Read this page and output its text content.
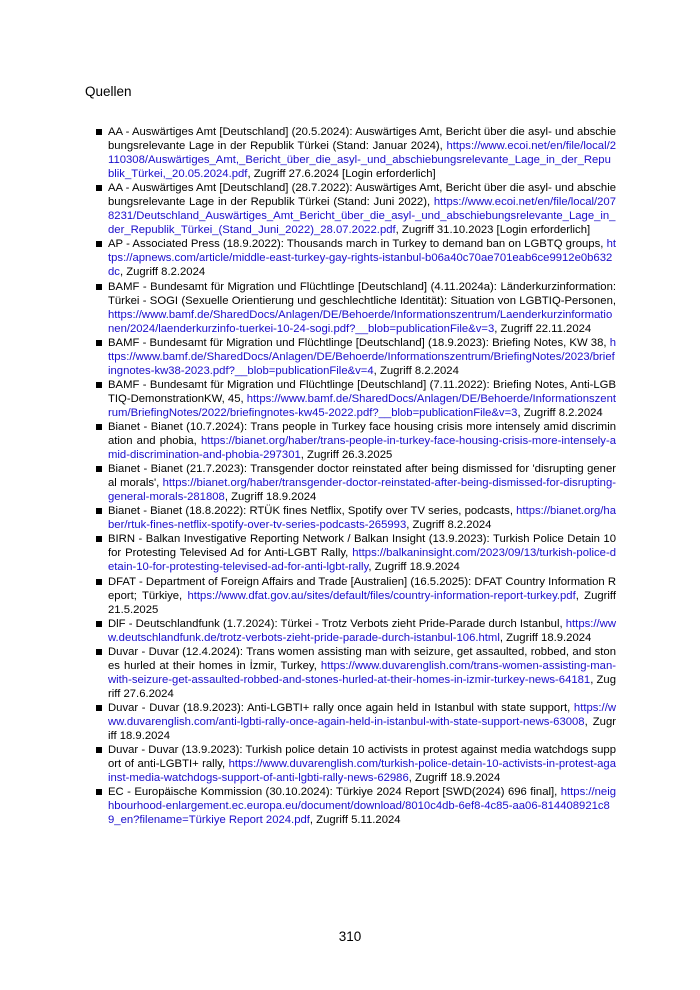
Quellen
AA - Auswärtiges Amt [Deutschland] (20.5.2024): Auswärtiges Amt, Bericht über die asyl- und abschiebungsrelevante Lage in der Republik Türkei (Stand: Januar 2024), https://www.ecoi.net/en/file/local/2110308/Auswärtiges_Amt,_Bericht_über_die_asyl-_und_abschiebungsrelevante_Lage_in_der_Republik_Türkei,_20.05.2024.pdf, Zugriff 27.6.2024 [Login erforderlich]
AA - Auswärtiges Amt [Deutschland] (28.7.2022): Auswärtiges Amt, Bericht über die asyl- und abschiebungsrelevante Lage in der Republik Türkei (Stand: Juni 2022), https://www.ecoi.net/en/file/local/2078231/Deutschland_Auswärtiges_Amt_Bericht_über_die_asyl-_und_abschiebungsrelevante_Lage_in_der_Republik_Türkei_(Stand_Juni_2022)_28.07.2022.pdf, Zugriff 31.10.2023 [Login erforderlich]
AP - Associated Press (18.9.2022): Thousands march in Turkey to demand ban on LGBTQ groups, https://apnews.com/article/middle-east-turkey-gay-rights-istanbul-b06a40c70ae701eab6ce9912e0b632dc, Zugriff 8.2.2024
BAMF - Bundesamt für Migration und Flüchtlinge [Deutschland] (4.11.2024a): Länderkurzinformation: Türkei - SOGI (Sexuelle Orientierung und geschlechtliche Identität): Situation von LGBTIQ-Personen, https://www.bamf.de/SharedDocs/Anlagen/DE/Behoerde/Informationszentrum/Laenderkurzinformationen/2024/laenderkurzinfo-tuerkei-10-24-sogi.pdf?__blob=publicationFile&v=3, Zugriff 22.11.2024
BAMF - Bundesamt für Migration und Flüchtlinge [Deutschland] (18.9.2023): Briefing Notes, KW 38, https://www.bamf.de/SharedDocs/Anlagen/DE/Behoerde/Informationszentrum/BriefingNotes/2023/briefingnotes-kw38-2023.pdf?__blob=publicationFile&v=4, Zugriff 8.2.2024
BAMF - Bundesamt für Migration und Flüchtlinge [Deutschland] (7.11.2022): Briefing Notes, Anti-LGBTIQ-DemonstrationKW, 45, https://www.bamf.de/SharedDocs/Anlagen/DE/Behoerde/Informationszentrum/BriefingNotes/2022/briefingnotes-kw45-2022.pdf?__blob=publicationFile&v=3, Zugriff 8.2.2024
Bianet - Bianet (10.7.2024): Trans people in Turkey face housing crisis more intensely amid discrimination and phobia, https://bianet.org/haber/trans-people-in-turkey-face-housing-crisis-more-intensely-amid-discrimination-and-phobia-297301, Zugriff 26.3.2025
Bianet - Bianet (21.7.2023): Transgender doctor reinstated after being dismissed for 'disrupting general morals', https://bianet.org/haber/transgender-doctor-reinstated-after-being-dismissed-for-disrupting-general-morals-281808, Zugriff 18.9.2024
Bianet - Bianet (18.8.2022): RTÜK fines Netflix, Spotify over TV series, podcasts, https://bianet.org/haber/rtuk-fines-netflix-spotify-over-tv-series-podcasts-265993, Zugriff 8.2.2024
BIRN - Balkan Investigative Reporting Network / Balkan Insight (13.9.2023): Turkish Police Detain 10 for Protesting Televised Ad for Anti-LGBT Rally, https://balkaninsight.com/2023/09/13/turkish-police-detain-10-for-protesting-televised-ad-for-anti-lgbt-rally, Zugriff 18.9.2024
DFAT - Department of Foreign Affairs and Trade [Australien] (16.5.2025): DFAT Country Information Report; Türkiye, https://www.dfat.gov.au/sites/default/files/country-information-report-turkey.pdf, Zugriff 21.5.2025
DlF - Deutschlandfunk (1.7.2024): Türkei - Trotz Verbots zieht Pride-Parade durch Istanbul, https://www.deutschlandfunk.de/trotz-verbots-zieht-pride-parade-durch-istanbul-106.html, Zugriff 18.9.2024
Duvar - Duvar (12.4.2024): Trans women assisting man with seizure, get assaulted, robbed, and stones hurled at their homes in İzmir, Turkey, https://www.duvarenglish.com/trans-women-assisting-man-with-seizure-get-assaulted-robbed-and-stones-hurled-at-their-homes-in-izmir-turkey-news-64181, Zugriff 27.6.2024
Duvar - Duvar (18.9.2023): Anti-LGBTI+ rally once again held in Istanbul with state support, https://www.duvarenglish.com/anti-lgbti-rally-once-again-held-in-istanbul-with-state-support-news-63008, Zugriff 18.9.2024
Duvar - Duvar (13.9.2023): Turkish police detain 10 activists in protest against media watchdogs support of anti-LGBTI+ rally, https://www.duvarenglish.com/turkish-police-detain-10-activists-in-protest-against-media-watchdogs-support-of-anti-lgbti-rally-news-62986, Zugriff 18.9.2024
EC - Europäische Kommission (30.10.2024): Türkiye 2024 Report [SWD(2024) 696 final], https://neighbourhood-enlargement.ec.europa.eu/document/download/8010c4db-6ef8-4c85-aa06-814408921c89_en?filename=Türkiye Report 2024.pdf, Zugriff 5.11.2024
310
